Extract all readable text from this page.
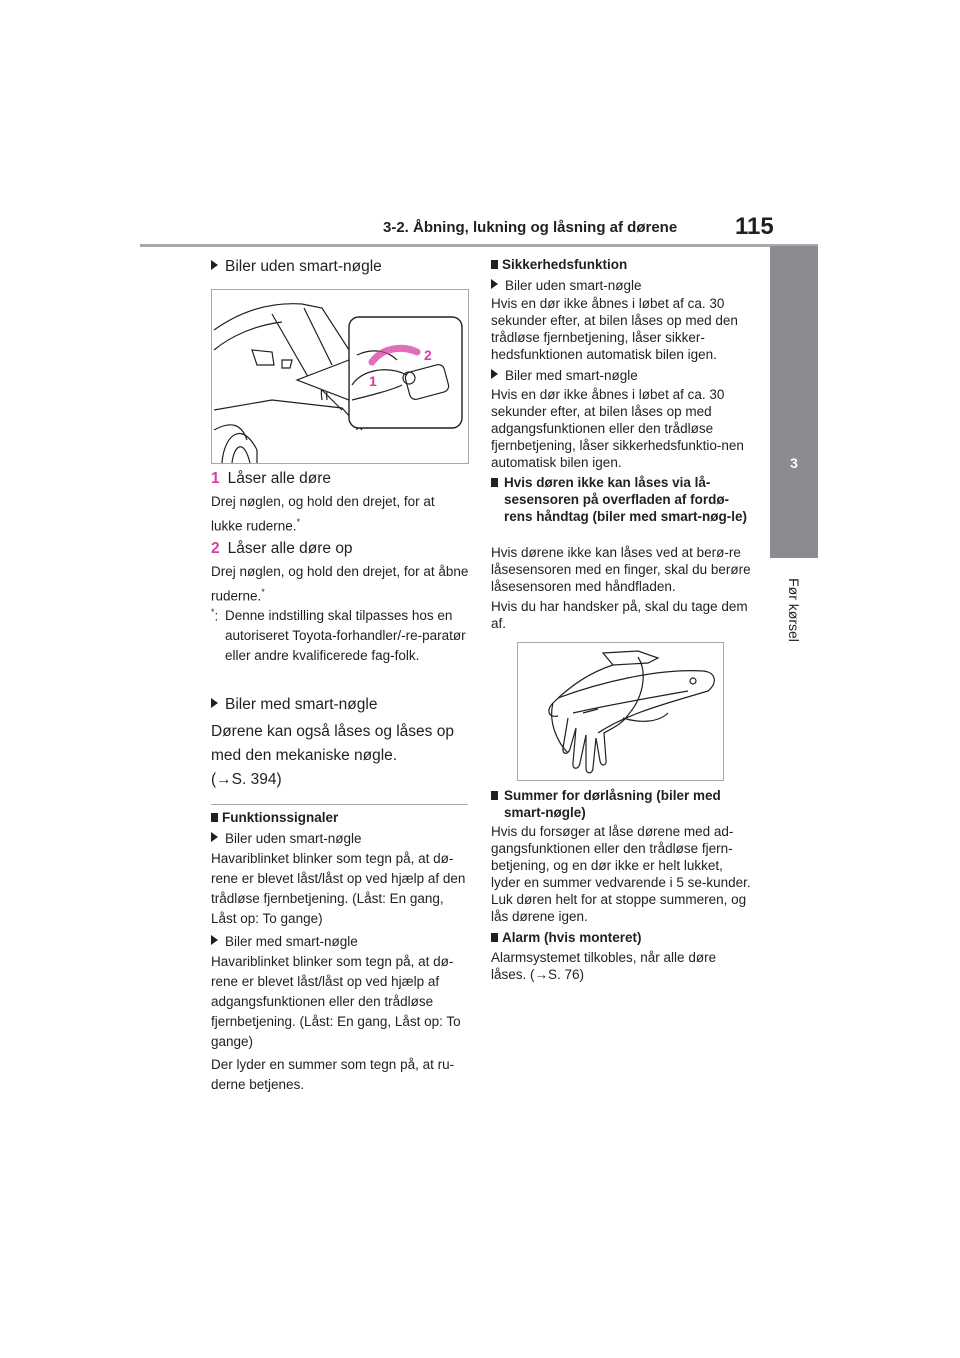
3-2. Åbning, lukning og låsning af dørene 115
3
Før kørsel
Biler uden smart-nøgle
2
1
1 Låser alle døre
Drej nøglen, og hold den drejet, for at lukke ruderne.*
2 Låser alle døre op
Drej nøglen, og hold den drejet, for at åbne ruderne.*
*: Denne indstilling skal tilpasses hos en autoriseret Toyota-forhandler/-re-paratør eller andre kvalificerede fag-folk.
Biler med smart-nøgle
Dørene kan også låses og låses op
med den mekaniske nøgle.
(→S. 394)
Funktionssignaler
Biler uden smart-nøgle
Havariblinket blinker som tegn på, at dø-rene er blevet låst/låst op ved hjælp af den trådløse fjernbetjening. (Låst: En gang, Låst op: To gange)
Biler med smart-nøgle
Havariblinket blinker som tegn på, at dø-rene er blevet låst/låst op ved hjælp af adgangsfunktionen eller den trådløse fjernbetjening. (Låst: En gang, Låst op: To gange)
Der lyder en summer som tegn på, at ru-derne betjenes.
Sikkerhedsfunktion
Biler uden smart-nøgle
Hvis en dør ikke åbnes i løbet af ca. 30 sekunder efter, at bilen låses op med den trådløse fjernbetjening, låser sikker-hedsfunktionen automatisk bilen igen.
Biler med smart-nøgle
Hvis en dør ikke åbnes i løbet af ca. 30 sekunder efter, at bilen låses op med adgangsfunktionen eller den trådløse fjernbetjening, låser sikkerhedsfunktio-nen automatisk bilen igen.
Hvis døren ikke kan låses via lå-sesensoren på overfladen af fordø-rens håndtag (biler med smart-nøg-le)
Hvis dørene ikke kan låses ved at berø-re låsesensoren med en finger, skal du berøre låsesensoren med håndfladen.
Hvis du har handsker på, skal du tage dem af.
Summer for dørlåsning (biler med smart-nøgle)
Hvis du forsøger at låse dørene med ad-gangsfunktionen eller den trådløse fjern-betjening, og en dør ikke er helt lukket, lyder en summer vedvarende i 5 se-kunder. Luk døren helt for at stoppe summeren, og lås dørene igen.
Alarm (hvis monteret)
Alarmsystemet tilkobles, når alle døre låses. (→S. 76)
